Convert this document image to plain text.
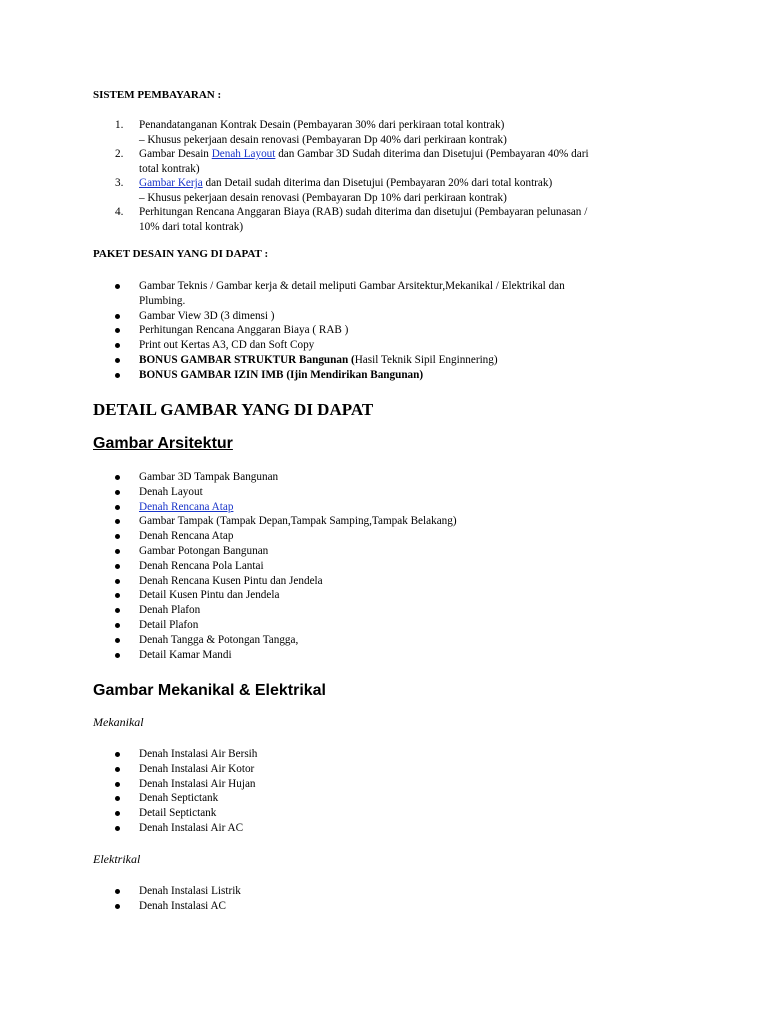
SISTEM PEMBAYARAN :
1. Penandatanganan Kontrak Desain (Pembayaran 30% dari perkiraan total kontrak)
– Khusus pekerjaan desain renovasi (Pembayaran Dp 40% dari perkiraan kontrak)
2. Gambar Desain Denah Layout dan Gambar 3D Sudah diterima dan Disetujui (Pembayaran 40% dari
total kontrak)
3. Gambar Kerja dan Detail sudah diterima dan Disetujui (Pembayaran 20% dari total kontrak)
– Khusus pekerjaan desain renovasi (Pembayaran Dp 10% dari perkiraan kontrak)
4. Perhitungan Rencana Anggaran Biaya (RAB) sudah diterima dan disetujui (Pembayaran pelunasan /
10% dari total kontrak)
PAKET DESAIN YANG DI DAPAT :
Gambar Teknis / Gambar kerja & detail meliputi Gambar Arsitektur,Mekanikal / Elektrikal dan
Plumbing.
Gambar View 3D (3 dimensi )
Perhitungan Rencana Anggaran Biaya ( RAB )
Print out Kertas A3, CD dan Soft Copy
BONUS GAMBAR STRUKTUR Bangunan (Hasil Teknik Sipil Enginnering)
BONUS GAMBAR IZIN IMB (Ijin Mendirikan Bangunan)
DETAIL GAMBAR YANG DI DAPAT
Gambar Arsitektur
Gambar 3D Tampak Bangunan
Denah Layout
Denah Rencana Atap
Gambar Tampak (Tampak Depan,Tampak Samping,Tampak Belakang)
Denah Rencana Atap
Gambar Potongan Bangunan
Denah Rencana Pola Lantai
Denah Rencana Kusen Pintu dan Jendela
Detail Kusen Pintu dan Jendela
Denah Plafon
Detail Plafon
Denah Tangga & Potongan Tangga,
Detail Kamar Mandi
Gambar Mekanikal & Elektrikal
Mekanikal
Denah Instalasi Air Bersih
Denah Instalasi Air Kotor
Denah Instalasi Air Hujan
Denah Septictank
Detail Septictank
Denah Instalasi Air AC
Elektrikal
Denah Instalasi Listrik
Denah Instalasi AC
